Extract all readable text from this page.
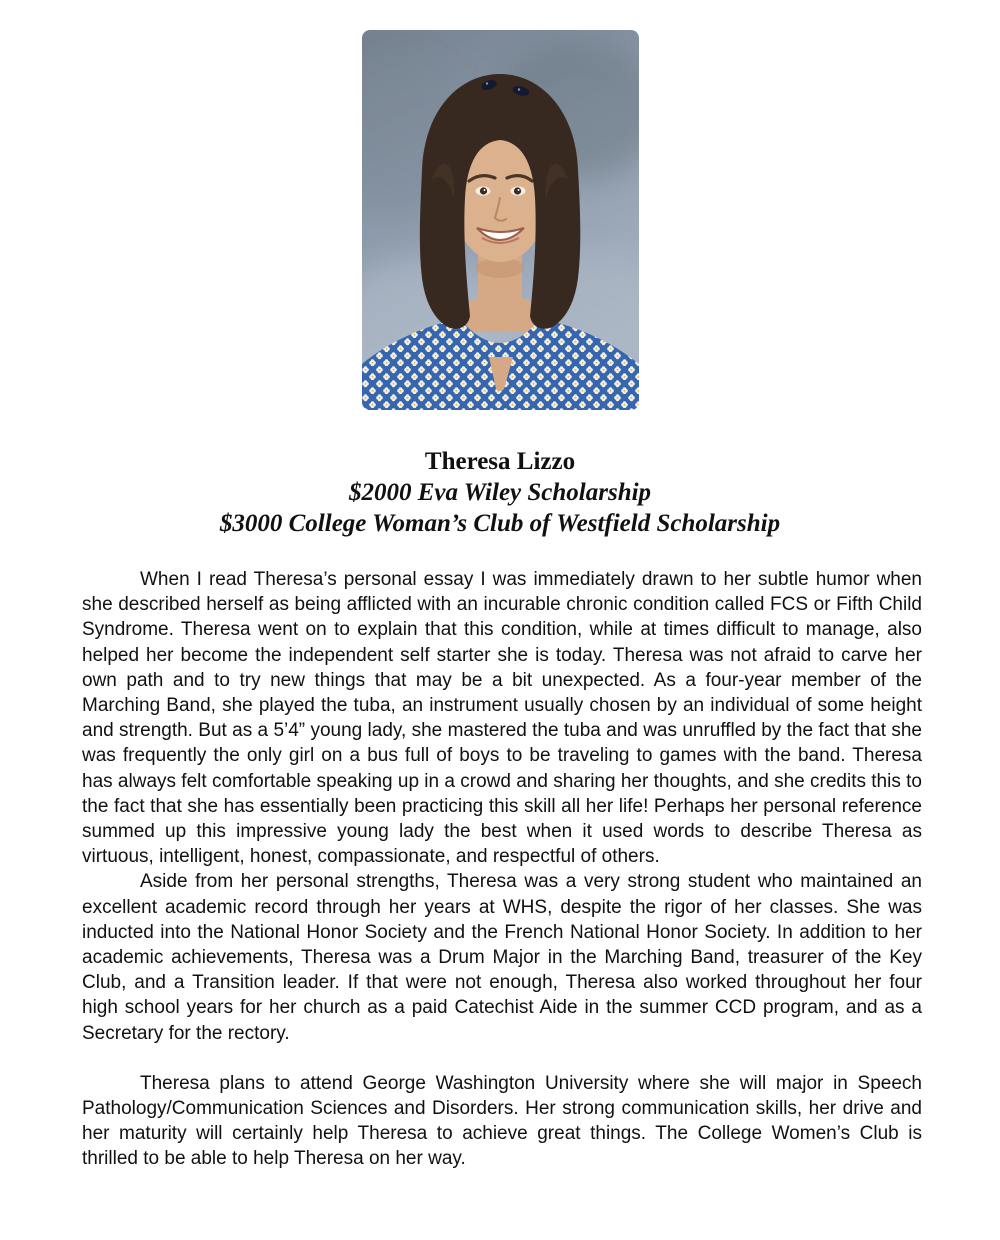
Theresa Lizzo
$2000 Eva Wiley Scholarship
$3000 College Woman’s Club of Westfield Scholarship

When I read Theresa’s personal essay I was immediately drawn to her subtle humor when she described herself as being afflicted with an incurable chronic condition called FCS or Fifth Child Syndrome. Theresa went on to explain that this condition, while at times difficult to manage, also helped her become the independent self starter she is today. Theresa was not afraid to carve her own path and to try new things that may be a bit unexpected. As a four-year member of the Marching Band, she played the tuba, an instrument usually chosen by an individual of some height and strength. But as a 5’4” young lady, she mastered the tuba and was unruffled by the fact that she was frequently the only girl on a bus full of boys to be traveling to games with the band. Theresa has always felt comfortable speaking up in a crowd and sharing her thoughts, and she credits this to the fact that she has essentially been practicing this skill all her life! Perhaps her personal reference summed up this impressive young lady the best when it used words to describe Theresa as virtuous, intelligent, honest, compassionate, and respectful of others.

Aside from her personal strengths, Theresa was a very strong student who maintained an excellent academic record through her years at WHS, despite the rigor of her classes. She was inducted into the National Honor Society and the French National Honor Society. In addition to her academic achievements, Theresa was a Drum Major in the Marching Band, treasurer of the Key Club, and a Transition leader. If that were not enough, Theresa also worked throughout her four high school years for her church as a paid Catechist Aide in the summer CCD program, and as a Secretary for the rectory.

Theresa plans to attend George Washington University where she will major in Speech Pathology/Communication Sciences and Disorders. Her strong communication skills, her drive and her maturity will certainly help Theresa to achieve great things. The College Women’s Club is thrilled to be able to help Theresa on her way.
